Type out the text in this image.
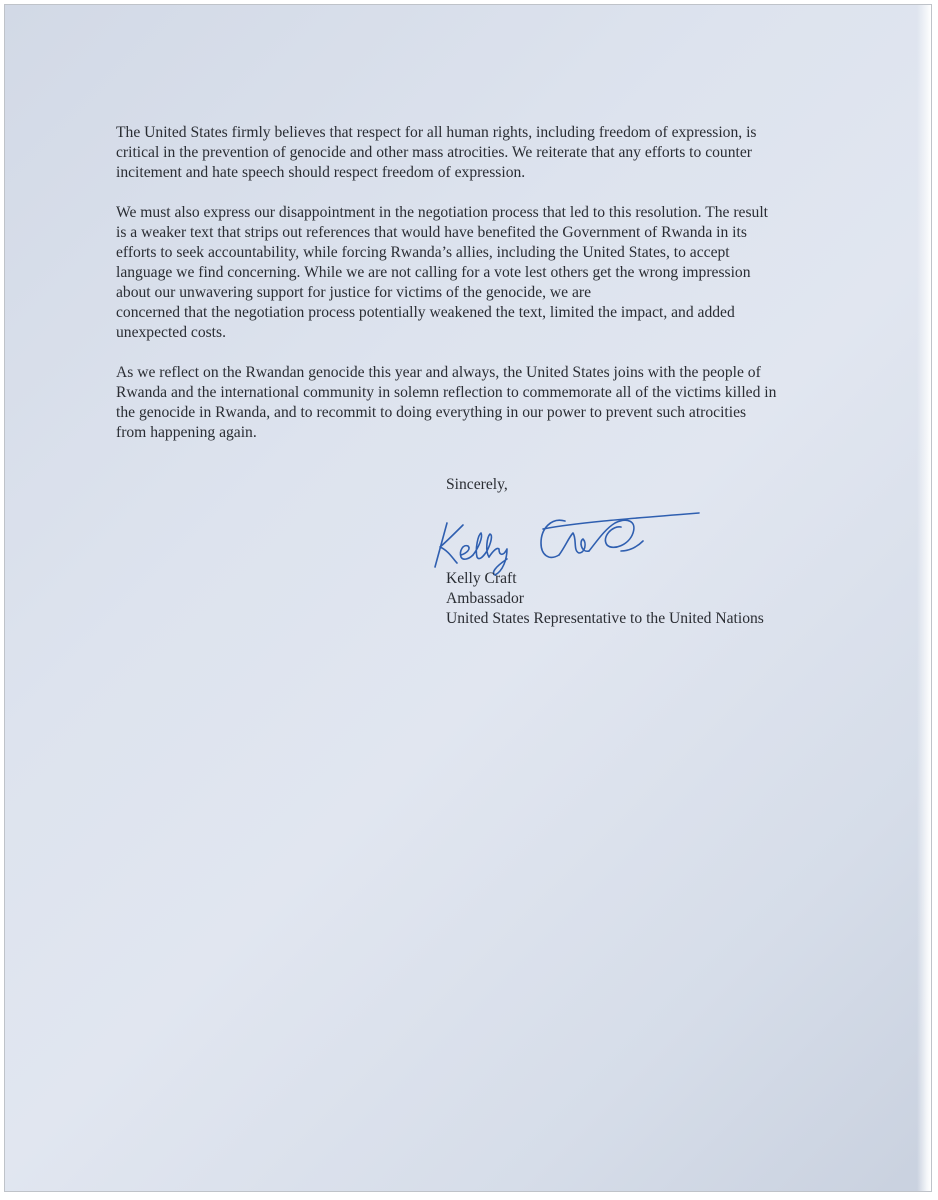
The United States firmly believes that respect for all human rights, including freedom of expression, is
critical in the prevention of genocide and other mass atrocities. We reiterate that any efforts to counter
incitement and hate speech should respect freedom of expression.

We must also express our disappointment in the negotiation process that led to this resolution. The result
is a weaker text that strips out references that would have benefited the Government of Rwanda in its
efforts to seek accountability, while forcing Rwanda’s allies, including the United States, to accept
language we find concerning. While we are not calling for a vote lest others get the wrong impression
about our unwavering support for justice for victims of the genocide, we are
concerned that the negotiation process potentially weakened the text, limited the impact, and added
unexpected costs.

As we reflect on the Rwandan genocide this year and always, the United States joins with the people of
Rwanda and the international community in solemn reflection to commemorate all of the victims killed in
the genocide in Rwanda, and to recommit to doing everything in our power to prevent such atrocities
from happening again.

Sincerely,
Kelly Craft
Ambassador
United States Representative to the United Nations
